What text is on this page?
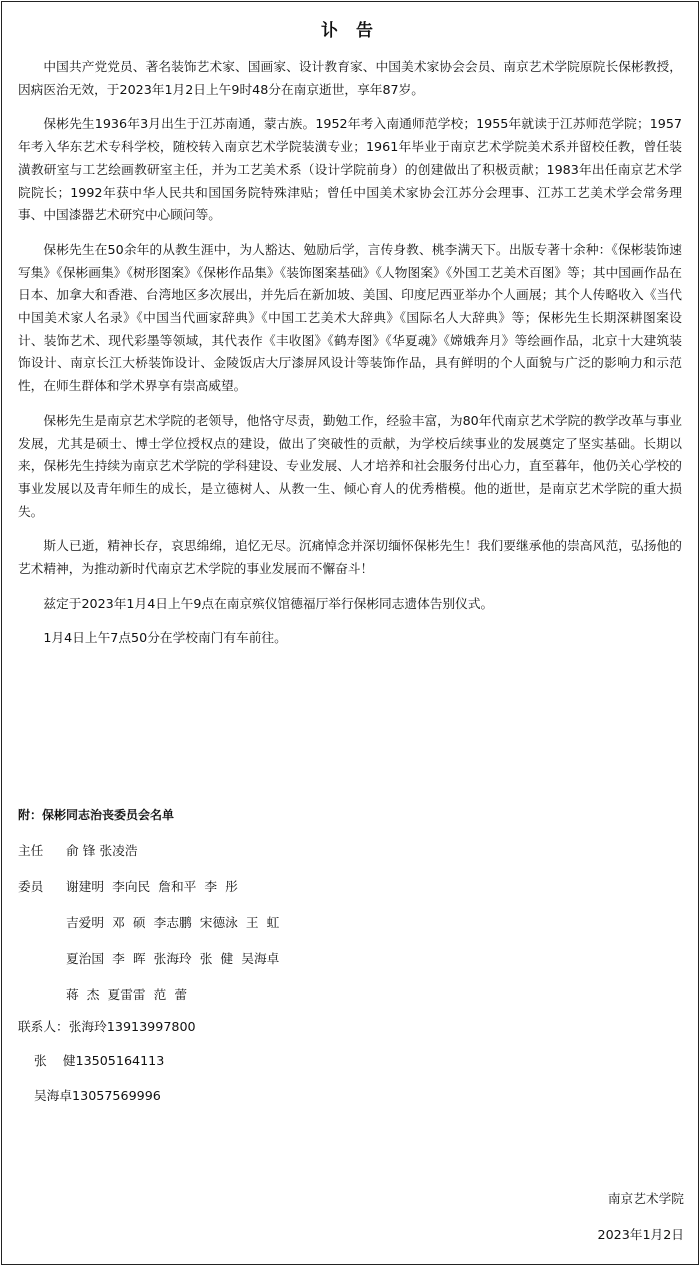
讣 告

中国共产党党员、著名装饰艺术家、国画家、设计教育家、中国美术家协会会员、南京艺术学院原院长保彬教授，因病医治无效，于2023年1月2日上午9时48分在南京逝世，享年87岁。

保彬先生1936年3月出生于江苏南通，蒙古族。1952年考入南通师范学校；1955年就读于江苏师范学院；1957年考入华东艺术专科学校，随校转入南京艺术学院装潢专业；1961年毕业于南京艺术学院美术系并留校任教，曾任装潢教研室与工艺绘画教研室主任，并为工艺美术系（设计学院前身）的创建做出了积极贡献；1983年出任南京艺术学院院长；1992年获中华人民共和国国务院特殊津贴；曾任中国美术家协会江苏分会理事、江苏工艺美术学会常务理事、中国漆器艺术研究中心顾问等。

保彬先生在50余年的从教生涯中，为人豁达、勉励后学，言传身教、桃李满天下。出版专著十余种：《保彬装饰速写集》《保彬画集》《树形图案》《保彬作品集》《装饰图案基础》《人物图案》《外国工艺美术百图》等；其中国画作品在日本、加拿大和香港、台湾地区多次展出，并先后在新加坡、美国、印度尼西亚举办个人画展；其个人传略收入《当代中国美术家人名录》《中国当代画家辞典》《中国工艺美术大辞典》《国际名人大辞典》等；保彬先生长期深耕图案设计、装饰艺术、现代彩墨等领域，其代表作《丰收图》《鹤寿图》《华夏魂》《嫦娥奔月》等绘画作品，北京十大建筑装饰设计、南京长江大桥装饰设计、金陵饭店大厅漆屏风设计等装饰作品，具有鲜明的个人面貌与广泛的影响力和示范性，在师生群体和学术界享有崇高威望。

保彬先生是南京艺术学院的老领导，他恪守尽责，勤勉工作，经验丰富，为80年代南京艺术学院的教学改革与事业发展，尤其是硕士、博士学位授权点的建设，做出了突破性的贡献，为学校后续事业的发展奠定了坚实基础。长期以来，保彬先生持续为南京艺术学院的学科建设、专业发展、人才培养和社会服务付出心力，直至暮年，他仍关心学校的事业发展以及青年师生的成长，是立德树人、从教一生、倾心育人的优秀楷模。他的逝世，是南京艺术学院的重大损失。

斯人已逝，精神长存，哀思绵绵，追忆无尽。沉痛悼念并深切缅怀保彬先生！我们要继承他的崇高风范，弘扬他的艺术精神，为推动新时代南京艺术学院的事业发展而不懈奋斗！

兹定于2023年1月4日上午9点在南京殡仪馆德福厅举行保彬同志遗体告别仪式。

1月4日上午7点50分在学校南门有车前往。

附：保彬同志治丧委员会名单
主任 俞 锋 张凌浩
委员 谢建明  李向民  詹和平  李  彤
吉爱明  邓  硕  李志鹏  宋德泳  王  虹
夏治国  李  晖  张海玲  张  健  吴海卓
蒋  杰  夏雷雷  范  蕾
联系人：张海玲13913997800
张    健13505164113
吴海卓13057569996
南京艺术学院
2023年1月2日
